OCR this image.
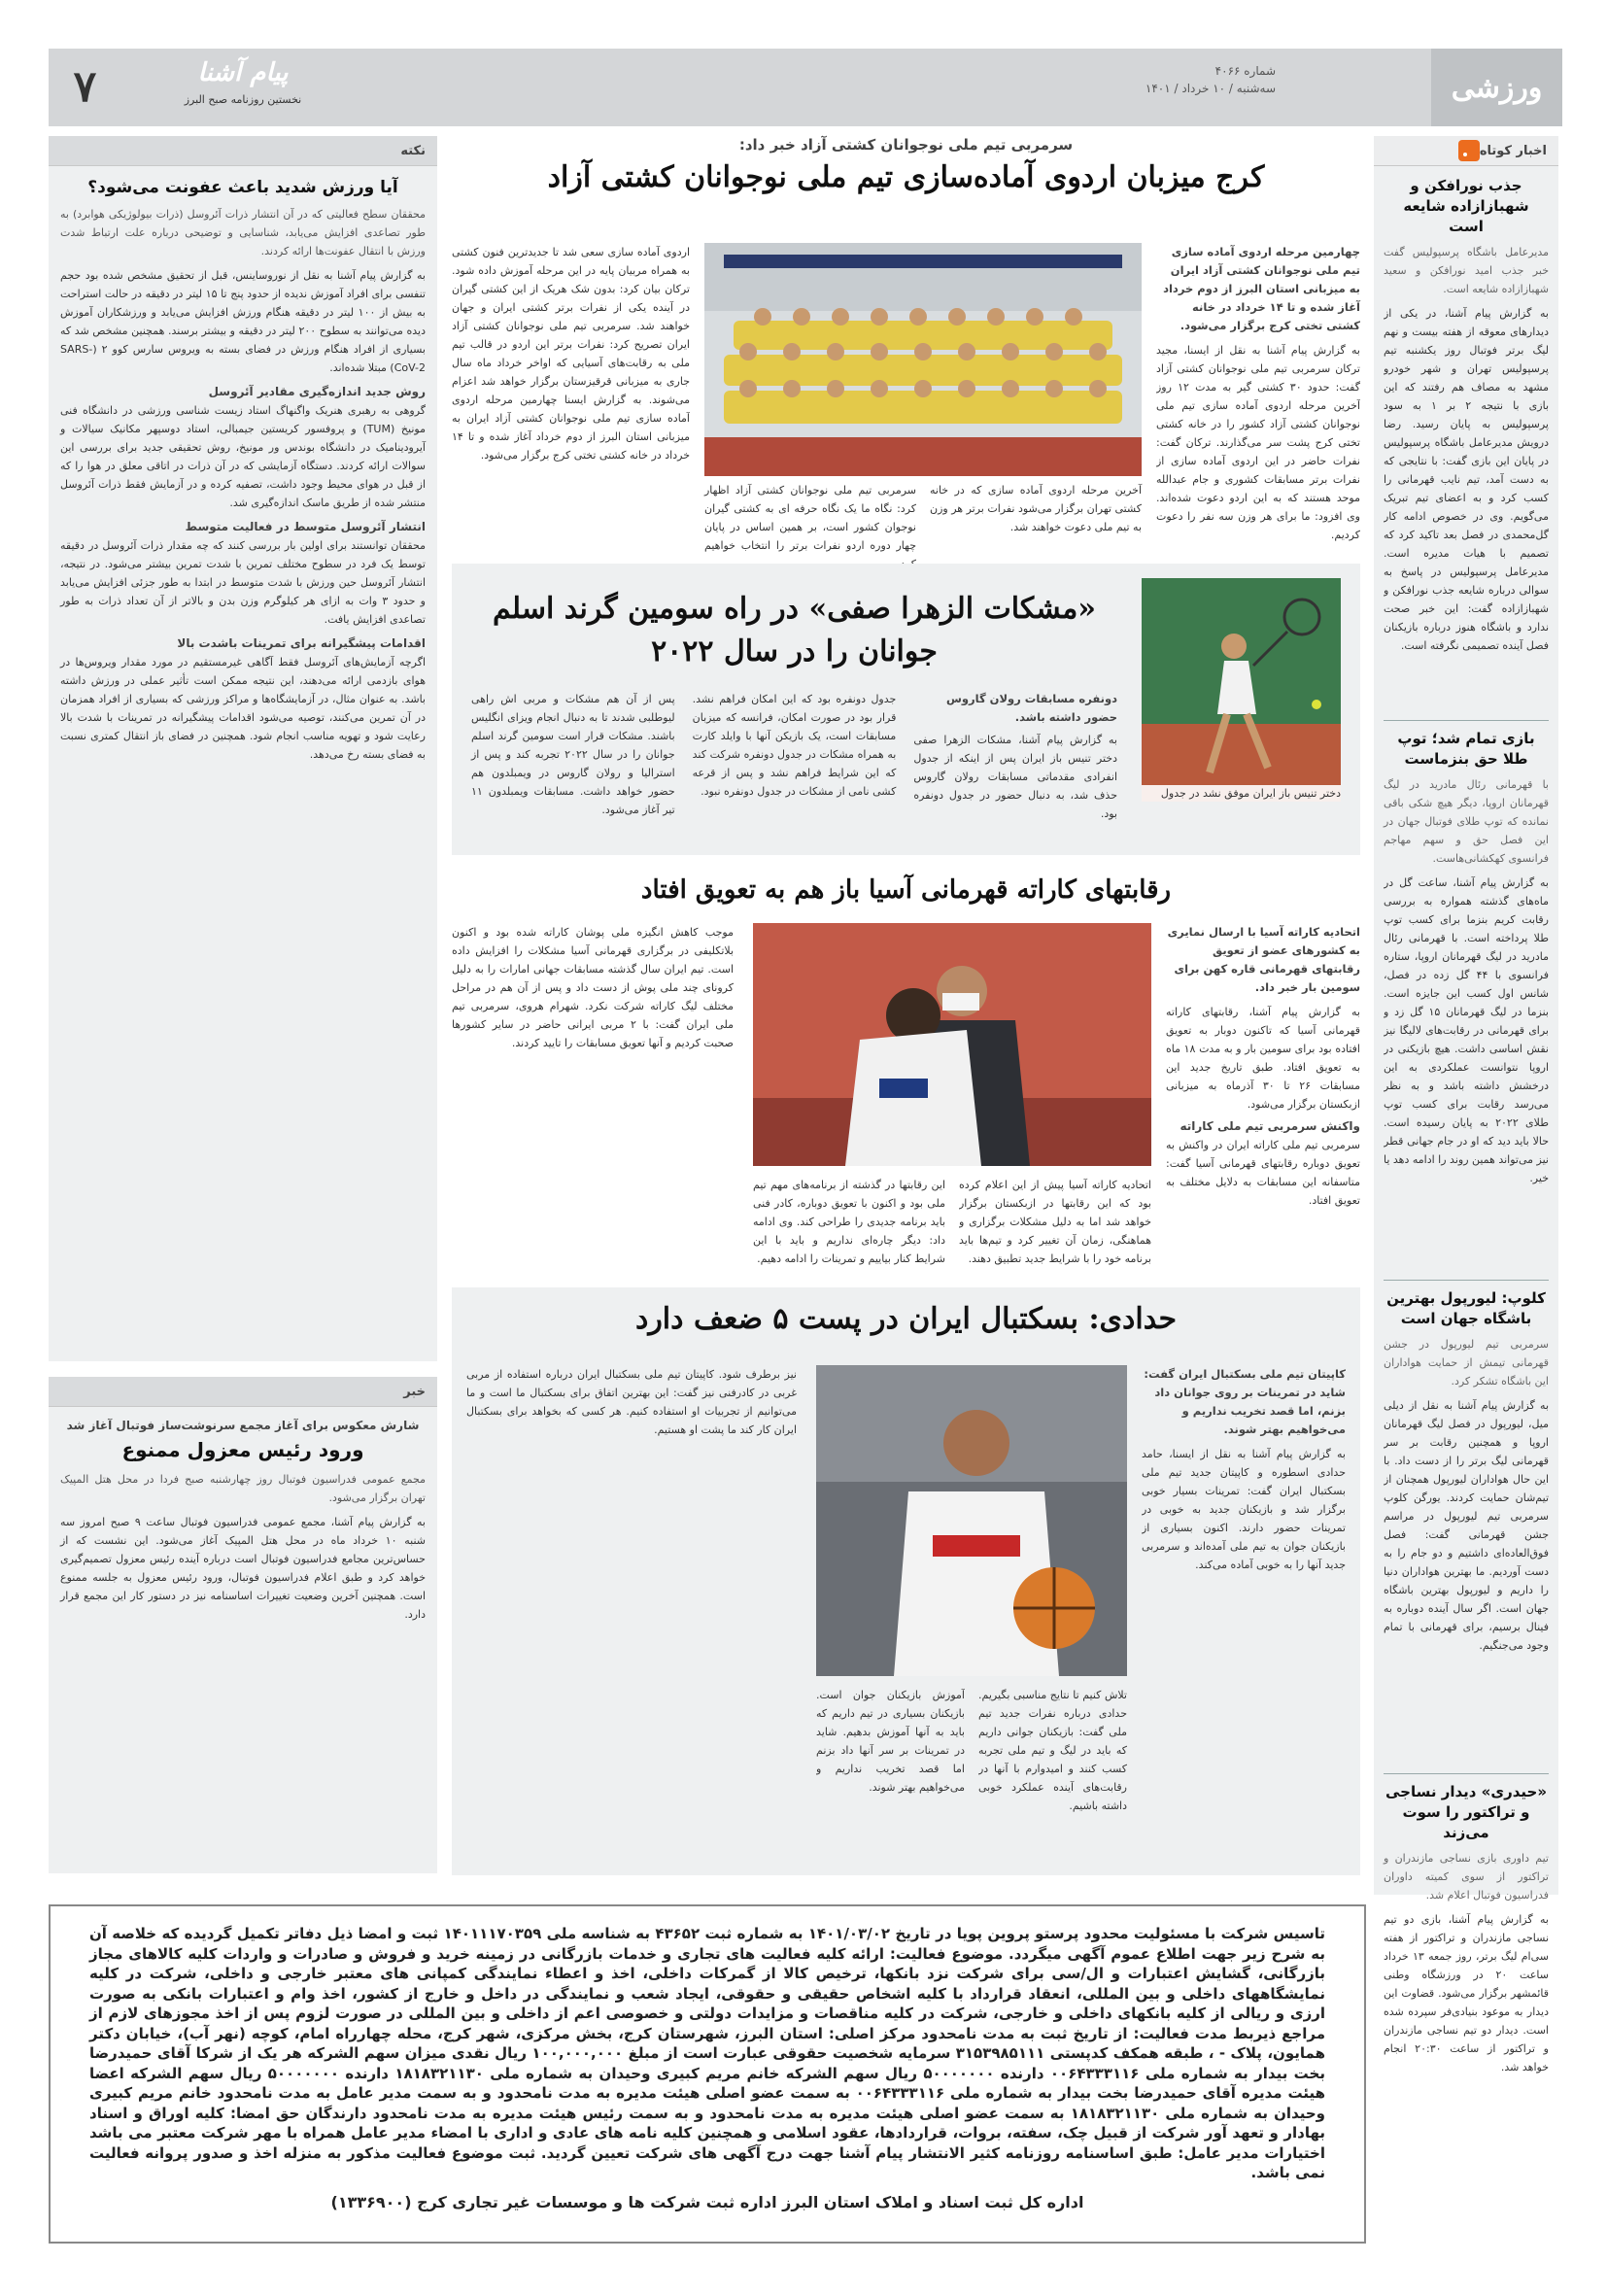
شماره ۴۰۶۶
سه‌شنبه / ۱۰ خرداد / ۱۴۰۱
پیام آشنا
نخستین روزنامه صبح البرز
۷	ورزشی
اخبار کوتاه
جذب نورافکن و شهبازازاده شایعه است
مدیرعامل باشگاه پرسپولیس گفت خبر جذب امید نورافکن و سعید شهبازازاده شایعه است.
به گزارش پیام آشنا، در یکی از دیدارهای معوقه از هفته بیست و نهم لیگ برتر فوتبال روز یکشنبه تیم پرسپولیس تهران و شهر خودرو مشهد به مصاف هم رفتند که این بازی با نتیجه ۲ بر ۱ به سود پرسپولیس به پایان رسید. رضا درویش مدیرعامل باشگاه پرسپولیس در پایان این بازی گفت: با نتایجی که به دست آمد، تیم نایب قهرمانی را کسب کرد و به اعضای تیم تبریک می‌گویم. وی در خصوص ادامه کار گل‌محمدی در فصل بعد تاکید کرد که تصمیم با هیات مدیره است. مدیرعامل پرسپولیس در پاسخ به سوالی درباره شایعه جذب نورافکن و شهبازازاده گفت: این خبر صحت ندارد و باشگاه هنوز درباره بازیکنان فصل آینده تصمیمی نگرفته است.
بازی تمام شد؛ توپ طلا حق بنزماست
با قهرمانی رئال مادرید در لیگ قهرمانان اروپا، دیگر هیچ شکی باقی نمانده که توپ طلای فوتبال جهان در این فصل حق و سهم مهاجم فرانسوی کهکشانی‌هاست.
به گزارش پیام آشنا، ساعت گل در ماه‌های گذشته همواره به بررسی رقابت کریم بنزما برای کسب توپ طلا پرداخته است. با قهرمانی رئال مادرید در لیگ قهرمانان اروپا، ستاره فرانسوی با ۴۴ گل زده در فصل، شانس اول کسب این جایزه است. بنزما در لیگ قهرمانان ۱۵ گل زد و برای قهرمانی در رقابت‌های لالیگا نیز نقش اساسی داشت. هیچ بازیکنی در اروپا نتوانست عملکردی به این درخشش داشته باشد و به نظر می‌رسد رقابت برای کسب توپ طلای ۲۰۲۲ به پایان رسیده است. حالا باید دید که او در جام جهانی قطر نیز می‌تواند همین روند را ادامه دهد یا خیر.
کلوپ: لیورپول بهترین باشگاه جهان است
سرمربی تیم لیورپول در جشن قهرمانی تیمش از حمایت هواداران این باشگاه تشکر کرد.
به گزارش پیام آشنا به نقل از دیلی میل، لیورپول در فصل لیگ قهرمانان اروپا و همچنین رقابت بر سر قهرمانی لیگ برتر را از دست داد. با این حال هواداران لیورپول همچنان از تیم‌شان حمایت کردند. یورگن کلوپ سرمربی تیم لیورپول در مراسم جشن قهرمانی گفت: فصل فوق‌العاده‌ای داشتیم و دو جام را به دست آوردیم. ما بهترین هواداران دنیا را داریم و لیورپول بهترین باشگاه جهان است. اگر سال آینده دوباره به فینال برسیم، برای قهرمانی با تمام وجود می‌جنگیم.
«حیدری» دیدار نساجی و تراکتور را سوت می‌زند
تیم داوری بازی نساجی مازندران و تراکتور از سوی کمیته داوران فدراسیون فوتبال اعلام شد.
به گزارش پیام آشنا، بازی دو تیم نساجی مازندران و تراکتور از هفته سی‌ام لیگ برتر، روز جمعه ۱۳ خرداد ساعت ۲۰ در ورزشگاه وطنی قائمشهر برگزار می‌شود. قضاوت این دیدار به موعود بنیادی‌فر سپرده شده است. دیدار دو تیم نساجی مازندران و تراکتور از ساعت ۲۰:۳۰ انجام خواهد شد.
سرمربی تیم ملی نوجوانان کشتی آزاد خبر داد:
کرج میزبان اردوی آماده‌سازی تیم ملی نوجوانان کشتی آزاد
چهارمین مرحله اردوی آماده سازی تیم ملی نوجوانان کشتی آزاد ایران به میزبانی استان البرز از دوم خرداد آغاز شده و تا ۱۴ خرداد در خانه کشتی تختی کرج برگزار می‌شود.
به گزارش پیام آشنا به نقل از ایسنا، مجید ترکان سرمربی تیم ملی نوجوانان کشتی آزاد گفت: حدود ۳۰ کشتی گیر به مدت ۱۲ روز آخرین مرحله اردوی آماده سازی تیم ملی نوجوانان کشتی آزاد کشور را در خانه کشتی تختی کرج پشت سر می‌گذارند. ترکان گفت: نفرات حاضر در این اردوی آماده سازی از نفرات برتر مسابقات کشوری و جام عبدالله موحد هستند که به این اردو دعوت شده‌اند. وی افزود: ما برای هر وزن سه نفر را دعوت کردیم.
آخرین مرحله اردوی آماده سازی که در خانه کشتی تهران برگزار می‌شود نفرات برتر هر وزن به تیم ملی دعوت خواهند شد.
سرمربی تیم ملی نوجوانان کشتی آزاد اظهار کرد: نگاه ما یک نگاه حرفه ای به کشتی گیران نوجوان کشور است، بر همین اساس در پایان چهار دوره اردو نفرات برتر را انتخاب خواهیم
اردوی آماده سازی سعی شد تا جدیدترین فنون کشتی به همراه مربیان پایه در این مرحله آموزش داده شود. ترکان بیان کرد: بدون شک هریک از این کشتی گیران در آینده یکی از نفرات برتر کشتی ایران و جهان خواهند شد. سرمربی تیم ملی نوجوانان کشتی آزاد ایران تصریح کرد: نفرات برتر این اردو در قالب تیم ملی به رقابت‌های آسیایی که اواخر خرداد ماه سال جاری به میزبانی قرقیزستان برگزار خواهد شد اعزام می‌شوند. به گزارش ایسنا چهارمین مرحله اردوی آماده سازی تیم ملی نوجوانان کشتی آزاد ایران به میزبانی استان البرز از دوم خرداد آغاز شده و تا ۱۴ خرداد در خانه کشتی تختی کرج برگزار می‌شود.
دختر تنیس باز ایران موفق نشد در جدول
«مشکات الزهرا صفی» در راه سومین گرند اسلم
جوانان را در سال ۲۰۲۲
دونفره مسابقات رولان گاروس حضور داشته باشد.
به گزارش پیام آشنا، مشکات الزهرا صفی دختر تنیس باز ایران پس از اینکه از جدول انفرادی مقدماتی مسابقات رولان گاروس حذف شد، به دنبال حضور در جدول دونفره بود.
جدول دونفره بود که این امکان فراهم نشد. قرار بود در صورت امکان، فرانسه که میزبان مسابقات است، یک بازیکن آنها با وایلد کارت به همراه مشکات در جدول دونفره شرکت کند که این شرایط فراهم نشد و پس از قرعه کشی نامی از مشکات در جدول دونفره نبود.
پس از آن هم مشکات و مربی اش راهی لیوطلبی شدند تا به دنبال انجام ویزای انگلیس باشند. مشکات قرار است سومین گرند اسلم جوانان را در سال ۲۰۲۲ تجربه کند و پس از استرالیا و رولان گاروس در ویمبلدون هم حضور خواهد داشت. مسابقات ویمبلدون ۱۱ تیر آغاز می‌شود.
رقابتهای کاراته قهرمانی آسیا باز هم به تعویق افتاد
اتحادیه کاراته آسیا با ارسال نمایری به کشورهای عضو از تعویق رقابتهای قهرمانی قاره کهن برای سومین بار خبر داد.
به گزارش پیام آشنا، رقابتهای کاراته قهرمانی آسیا که تاکنون دوبار به تعویق افتاده بود برای سومین بار و به مدت ۱۸ ماه به تعویق افتاد. طبق تاریخ جدید این مسابقات ۲۶ تا ۳۰ آذرماه به میزبانی ازبکستان برگزار می‌شود.
واکنش سرمربی تیم ملی کاراته
سرمربی تیم ملی کاراته ایران در واکنش به تعویق دوباره رقابتهای قهرمانی آسیا گفت: متاسفانه این مسابقات به دلایل مختلف به تعویق افتاد.
اتحادیه کاراته آسیا پیش از این اعلام کرده بود که این رقابتها در ازبکستان برگزار خواهد شد اما به دلیل مشکلات برگزاری و هماهنگی، زمان آن تغییر کرد و تیم‌ها باید برنامه خود را با شرایط جدید تطبیق دهند.
این رقابتها در گذشته از برنامه‌های مهم تیم ملی بود و اکنون با تعویق دوباره، کادر فنی باید برنامه جدیدی را طراحی کند. وی ادامه داد: دیگر چاره‌ای نداریم و باید با این شرایط کنار بیاییم و تمرینات را ادامه دهیم.
موجب کاهش انگیزه ملی پوشان کاراته شده بود و اکنون بلاتکلیفی در برگزاری قهرمانی آسیا مشکلات را افزایش داده است. تیم ایران سال گذشته مسابقات جهانی امارات را به دلیل کرونای چند ملی پوش از دست داد و پس از آن هم در مراحل مختلف لیگ کاراته شرکت نکرد. شهرام هروی، سرمربی تیم ملی ایران گفت: با ۲ مربی ایرانی حاضر در سایر کشورها صحبت کردیم و آنها تعویق مسابقات را تایید کردند.
حدادی: بسکتبال ایران در پست ۵ ضعف دارد
کاپیتان تیم ملی بسکتبال ایران گفت: شاید در تمرینات بر روی جوانان داد بزنم، اما قصد تخریب نداریم و می‌خواهیم بهتر شوند.
به گزارش پیام آشنا به نقل از ایسنا، حامد حدادی اسطوره و کاپیتان جدید تیم ملی بسکتبال ایران گفت: تمرینات بسیار خوبی برگزار شد و بازیکنان جدید به خوبی در تمرینات حضور دارند. اکنون بسیاری از بازیکنان جوان به تیم ملی آمده‌اند و سرمربی جدید آنها را به خوبی آماده می‌کند.
تلاش کنیم تا نتایج مناسبی بگیریم. حدادی درباره نفرات جدید تیم ملی گفت: بازیکنان جوانی داریم که باید در لیگ و تیم ملی تجربه کسب کنند و امیدوارم با آنها در رقابت‌های آینده عملکرد خوبی داشته باشیم.
آموزش بازیکنان جوان است. بازیکنان بسیاری در تیم داریم که باید به آنها آموزش بدهیم. شاید در تمرینات بر سر آنها داد بزنم اما قصد تخریب نداریم و می‌خواهیم بهتر شوند.
نیز برطرف شود. کاپیتان تیم ملی بسکتبال ایران درباره استفاده از مربی غربی در کادرفنی نیز گفت: این بهترین اتفاق برای بسکتبال ما است و ما می‌توانیم از تجربیات او استفاده کنیم. هر کسی که بخواهد برای بسکتبال ایران کار کند ما پشت او هستیم.
نکته
آیا ورزش شدید باعث عفونت می‌شود؟
محققان سطح فعالیتی که در آن انتشار ذرات آئروسل (ذرات بیولوژیکی هوابرد) به طور تصاعدی افزایش می‌یابد، شناسایی و توضیحی درباره علت ارتباط شدت ورزش با انتقال عفونت‌ها ارائه کردند.
به گزارش پیام آشنا به نقل از نوروساینس، قبل از تحقیق مشخص شده بود حجم تنفسی برای افراد آموزش ندیده از حدود پنج تا ۱۵ لیتر در دقیقه در حالت استراحت به بیش از ۱۰۰ لیتر در دقیقه هنگام ورزش افزایش می‌یابد و ورزشکاران آموزش دیده می‌توانند به سطوح ۲۰۰ لیتر در دقیقه و بیشتر برسند. همچنین مشخص شد که بسیاری از افراد هنگام ورزش در فضای بسته به ویروس سارس کوو ۲ (SARS-CoV-2) مبتلا شده‌اند.
روش جدید اندازه‌گیری مقادیر آئروسل
گروهی به رهبری هنریک واگنهاگ استاد زیست شناسی ورزشی در دانشگاه فنی مونیخ (TUM) و پروفسور کریستین جیمبالی، استاد دوسپهر مکانیک سیالات و آیرودینامیک در دانشگاه بوندس ور مونیخ، روش تحقیقی جدید برای بررسی این سوالات ارائه کردند. دستگاه آزمایشی که در آن ذرات در اتاقی معلق در هوا را که از قبل در هوای محیط وجود داشت، تصفیه کرده و در آزمایش فقط ذرات آئروسل منتشر شده از طریق ماسک اندازه‌گیری شد.
انتشار آئروسل متوسط در فعالیت متوسط
محققان توانستند برای اولین بار بررسی کنند که چه مقدار ذرات آئروسل در دقیقه توسط یک فرد در سطوح مختلف تمرین با شدت تمرین بیشتر می‌شود. در نتیجه، انتشار آئروسل حین ورزش با شدت متوسط در ابتدا به طور جزئی افزایش می‌یابد و حدود ۳ وات به ازای هر کیلوگرم وزن بدن و بالاتر از آن تعداد ذرات به طور تصاعدی افزایش یافت.
اقدامات پیشگیرانه برای تمرینات باشدت بالا
اگرچه آزمایش‌های آئروسل فقط آگاهی غیرمستقیم در مورد مقدار ویروس‌ها در هوای بازدمی ارائه می‌دهند، این نتیجه ممکن است تأثیر عملی در ورزش داشته باشد. به عنوان مثال، در آزمایشگاه‌ها و مراکز ورزشی که بسیاری از افراد همزمان در آن تمرین می‌کنند، توصیه می‌شود اقدامات پیشگیرانه در تمرینات با شدت بالا رعایت شود و تهویه مناسب انجام شود. همچنین در فضای باز انتقال کمتری نسبت به فضای بسته رخ می‌دهد.
خبر
شارش معکوس برای آغاز مجمع سرنوشت‌ساز فوتبال آغاز شد
ورود رئیس معزول ممنوع
مجمع عمومی فدراسیون فوتبال روز چهارشنبه صبح فردا در محل هتل المپیک تهران برگزار می‌شود.
به گزارش پیام آشنا، مجمع عمومی فدراسیون فوتبال ساعت ۹ صبح امروز سه شنبه ۱۰ خرداد ماه در محل هتل المپیک آغاز می‌شود. این نشست که از حساس‌ترین مجامع فدراسیون فوتبال است درباره آینده رئیس معزول تصمیم‌گیری خواهد کرد و طبق اعلام فدراسیون فوتبال، ورود رئیس معزول به جلسه ممنوع است. همچنین آخرین وضعیت تغییرات اساسنامه نیز در دستور کار این مجمع قرار دارد.
تاسیس شرکت با مسئولیت محدود پرستو پروین پویا در تاریخ ۱۴۰۱/۰۳/۰۲ به شماره ثبت ۴۳۶۵۲ به شناسه ملی ۱۴۰۱۱۱۷۰۳۵۹ ثبت و امضا ذیل دفاتر تکمیل گردیده که خلاصه آن به شرح زیر جهت اطلاع عموم آگهی میگردد. موضوع فعالیت: ارائه کلیه فعالیت های تجاری و خدمات بازرگانی در زمینه خرید و فروش و صادرات و واردات کلیه کالاهای مجاز بازرگانی، گشایش اعتبارات و ال/سی برای شرکت نزد بانکها، ترخیص کالا از گمرکات داخلی، اخذ و اعطاء نمایندگی کمپانی های معتبر خارجی و داخلی، شرکت در کلیه نمایشگاههای داخلی و بین المللی، انعقاد قرارداد با کلیه اشخاص حقیقی و حقوقی، ایجاد شعب و نمایندگی در داخل و خارج از کشور، اخذ وام و اعتبارات بانکی به صورت ارزی و ریالی از کلیه بانکهای داخلی و خارجی، شرکت در کلیه مناقصات و مزایدات دولتی و خصوصی اعم از داخلی و بین المللی در صورت لزوم پس از اخذ مجوزهای لازم از مراجع ذیربط مدت فعالیت: از تاریخ ثبت به مدت نامحدود مرکز اصلی: استان البرز، شهرستان کرج، بخش مرکزی، شهر کرج، محله چهارراه امام، کوچه (نهر آب)، خیابان دکتر همایون، پلاک - ، طبقه همکف کدپستی ۳۱۵۳۹۸۵۱۱۱ سرمایه شخصیت حقوقی عبارت است از مبلغ ۱۰۰,۰۰۰,۰۰۰ ریال نقدی میزان سهم الشرکه هر یک از شرکا آقای حمیدرضا بخت بیدار به شماره ملی ۰۰۶۴۳۳۳۱۱۶ دارنده ۵۰۰۰۰۰۰۰ ریال سهم الشرکه خانم مریم کبیری وحیدان به شماره ملی ۱۸۱۸۳۲۱۱۳۰ دارنده ۵۰۰۰۰۰۰۰ ریال سهم الشرکه اعضا هیئت مدیره آقای حمیدرضا بخت بیدار به شماره ملی ۰۰۶۴۳۳۳۱۱۶ به سمت عضو اصلی هیئت مدیره به مدت نامحدود و به سمت مدیر عامل به مدت نامحدود خانم مریم کبیری وحیدان به شماره ملی ۱۸۱۸۳۲۱۱۳۰ به سمت عضو اصلی هیئت مدیره به مدت نامحدود و به سمت رئیس هیئت مدیره به مدت نامحدود دارندگان حق امضا: کلیه اوراق و اسناد بهادار و تعهد آور شرکت از قبیل چک، سفته، بروات، قراردادها، عقود اسلامی و همچنین کلیه نامه های عادی و اداری با امضاء مدیر عامل همراه با مهر شرکت معتبر می باشد اختیارات مدیر عامل: طبق اساسنامه روزنامه کثیر الانتشار پیام آشنا جهت درج آگهی های شرکت تعیین گردید. ثبت موضوع فعالیت مذکور به منزله اخذ و صدور پروانه فعالیت نمی باشد.
اداره کل ثبت اسناد و املاک استان البرز اداره ثبت شرکت ها و موسسات غیر تجاری کرج (۱۳۳۶۹۰۰)
